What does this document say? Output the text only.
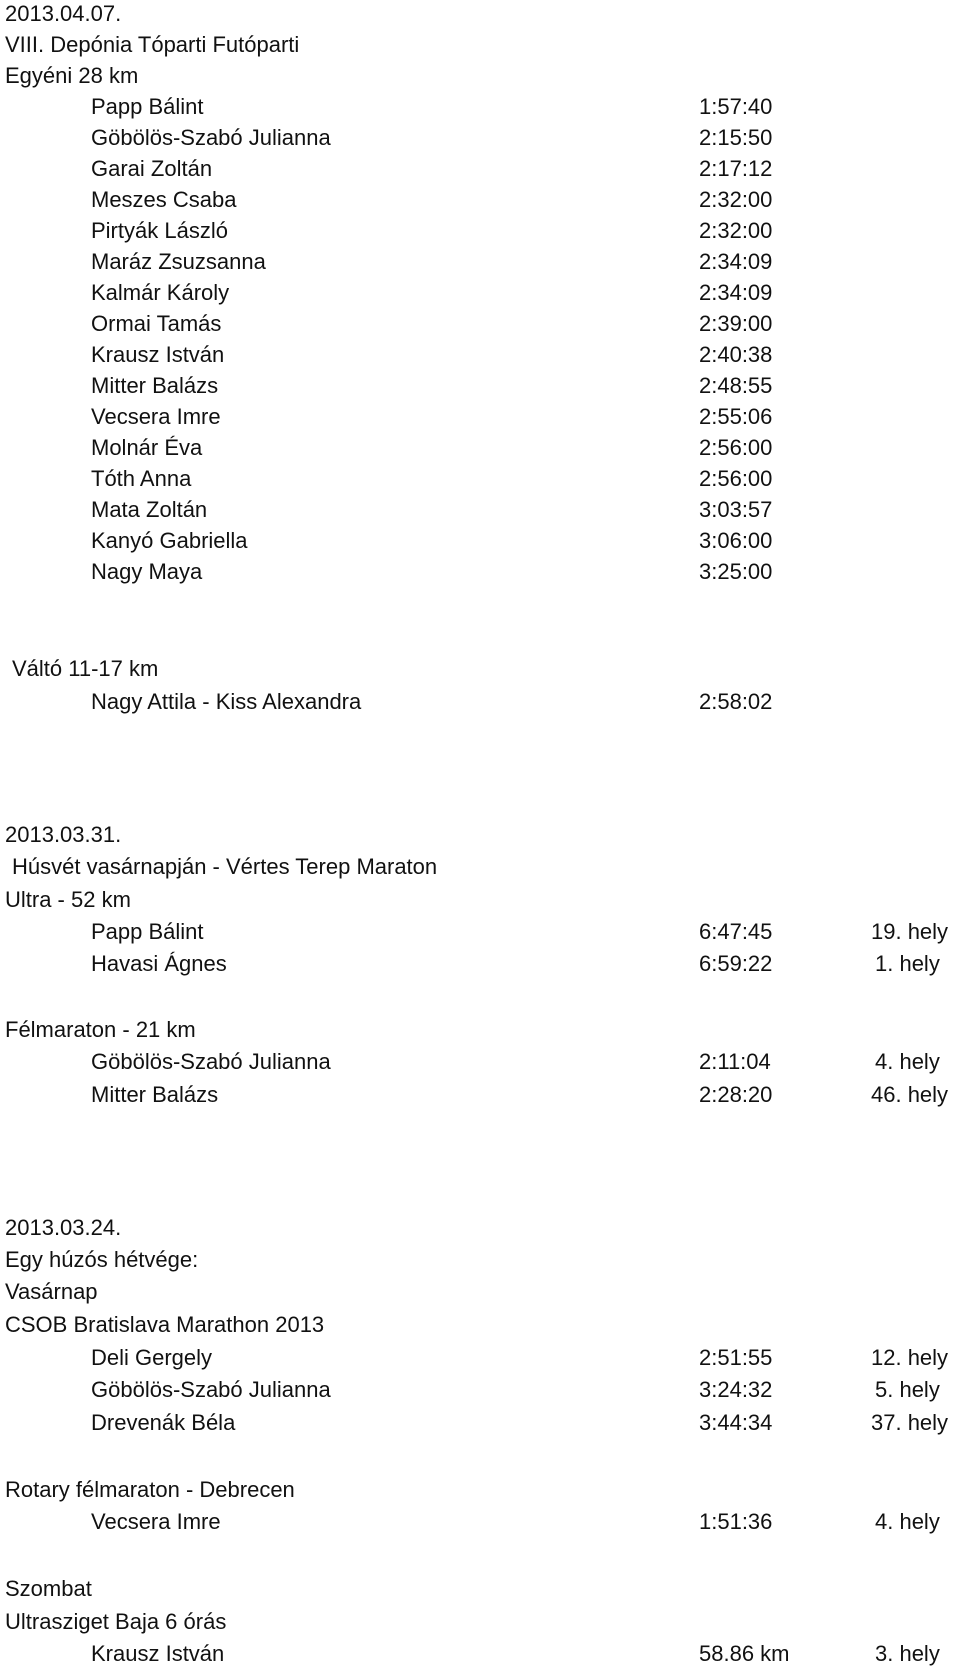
2013.04.07.
VIII. Depónia Tóparti Futóparti
Egyéni 28 km
Papp Bálint	1:57:40
Göbölös-Szabó Julianna	2:15:50
Garai Zoltán	2:17:12
Meszes Csaba	2:32:00
Pirtyák László	2:32:00
Maráz Zsuzsanna	2:34:09
Kalmár Károly	2:34:09
Ormai Tamás	2:39:00
Krausz István	2:40:38
Mitter Balázs	2:48:55
Vecsera Imre	2:55:06
Molnár Éva	2:56:00
Tóth Anna	2:56:00
Mata Zoltán	3:03:57
Kanyó Gabriella	3:06:00
Nagy Maya	3:25:00
Váltó 11-17 km
Nagy Attila - Kiss Alexandra	2:58:02
2013.03.31.
Húsvét vasárnapján - Vértes Terep Maraton
Ultra - 52 km
Papp Bálint	6:47:45	19. hely
Havasi Ágnes	6:59:22	1. hely
Félmaraton - 21 km
Göbölös-Szabó Julianna	2:11:04	4. hely
Mitter Balázs	2:28:20	46. hely
2013.03.24.
Egy húzós hétvége:
Vasárnap
CSOB Bratislava Marathon 2013
Deli Gergely	2:51:55	12. hely
Göbölös-Szabó Julianna	3:24:32	5. hely
Drevenák Béla	3:44:34	37. hely
Rotary félmaraton - Debrecen
Vecsera Imre	1:51:36	4. hely
Szombat
Ultrasziget Baja 6 órás
Krausz István	58.86 km	3. hely
